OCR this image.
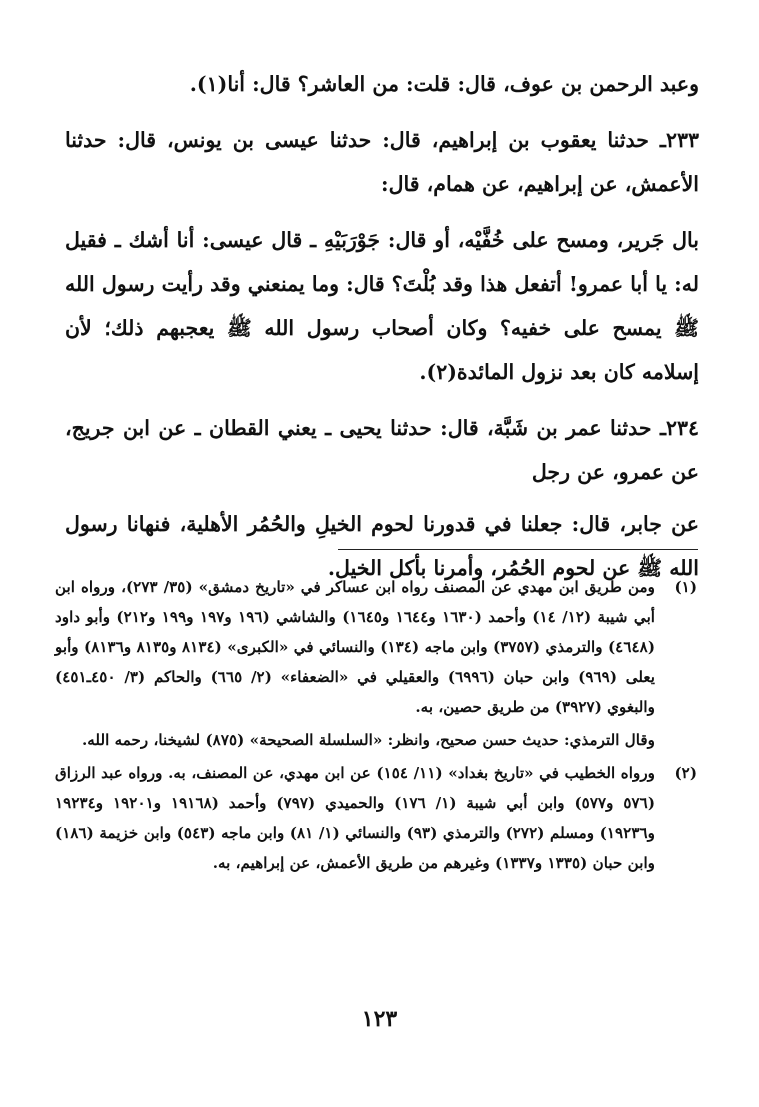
وعبد الرحمن بن عوف، قال: قلت: من العاشر؟ قال: أنا(١).

٢٣٣ـ حدثنا يعقوب بن إبراهيم، قال: حدثنا عيسى بن يونس، قال: حدثنا الأعمش، عن إبراهيم، عن همام، قال:

بال جَرير، ومسح على خُفَّيْه، أو قال: جَوْرَبَيْهِ ـ قال عيسى: أنا أشك ـ فقيل له: يا أبا عمرو! أتفعل هذا وقد بُلْتَ؟ قال: وما يمنعني وقد رأيت رسول الله ﷺ يمسح على خفيه؟ وكان أصحاب رسول الله ﷺ يعجبهم ذلك؛ لأن إسلامه كان بعد نزول المائدة(٢).

٢٣٤ـ حدثنا عمر بن شَبَّة، قال: حدثنا يحيى ـ يعني القطان ـ عن ابن جريج، عن عمرو، عن رجل

عن جابر، قال: جعلنا في قدورنا لحوم الخيلِ والحُمُر الأهلية، فنهانا رسول الله ﷺ عن لحوم الحُمُر، وأمرنا بأكل الخيل.

(١)

ومن طريق ابن مهدي عن المصنف رواه ابن عساكر في «تاريخ دمشق» (٣٥/ ٢٧٣)، ورواه ابن أبي شيبة (١٢/ ١٤) وأحمد (١٦٣٠ و١٦٤٤ و١٦٤٥) والشاشي (١٩٦ و١٩٧ و١٩٩ و٢١٢) وأبو داود (٤٦٤٨) والترمذي (٣٧٥٧) وابن ماجه (١٣٤) والنسائي في «الكبرى» (٨١٣٤ و٨١٣٥ و٨١٣٦) وأبو يعلى (٩٦٩) وابن حبان (٦٩٩٦) والعقيلي في «الضعفاء» (٢/ ٦٦٥) والحاكم (٣/ ٤٥٠ـ٤٥١) والبغوي (٣٩٢٧) من طريق حصين، به.

وقال الترمذي: حديث حسن صحيح، وانظر: «السلسلة الصحيحة» (٨٧٥) لشيخنا، رحمه الله.

(٢)

ورواه الخطيب في «تاريخ بغداد» (١١/ ١٥٤) عن ابن مهدي، عن المصنف، به. ورواه عبد الرزاق (٥٧٦ و٥٧٧) وابن أبي شيبة (١/ ١٧٦) والحميدي (٧٩٧) وأحمد (١٩١٦٨ و١٩٢٠١ و١٩٢٣٤ و١٩٢٣٦) ومسلم (٢٧٢) والترمذي (٩٣) والنسائي (١/ ٨١) وابن ماجه (٥٤٣) وابن خزيمة (١٨٦) وابن حبان (١٣٣٥ و١٣٣٧) وغيرهم من طريق الأعمش، عن إبراهيم، به.

١٢٣
